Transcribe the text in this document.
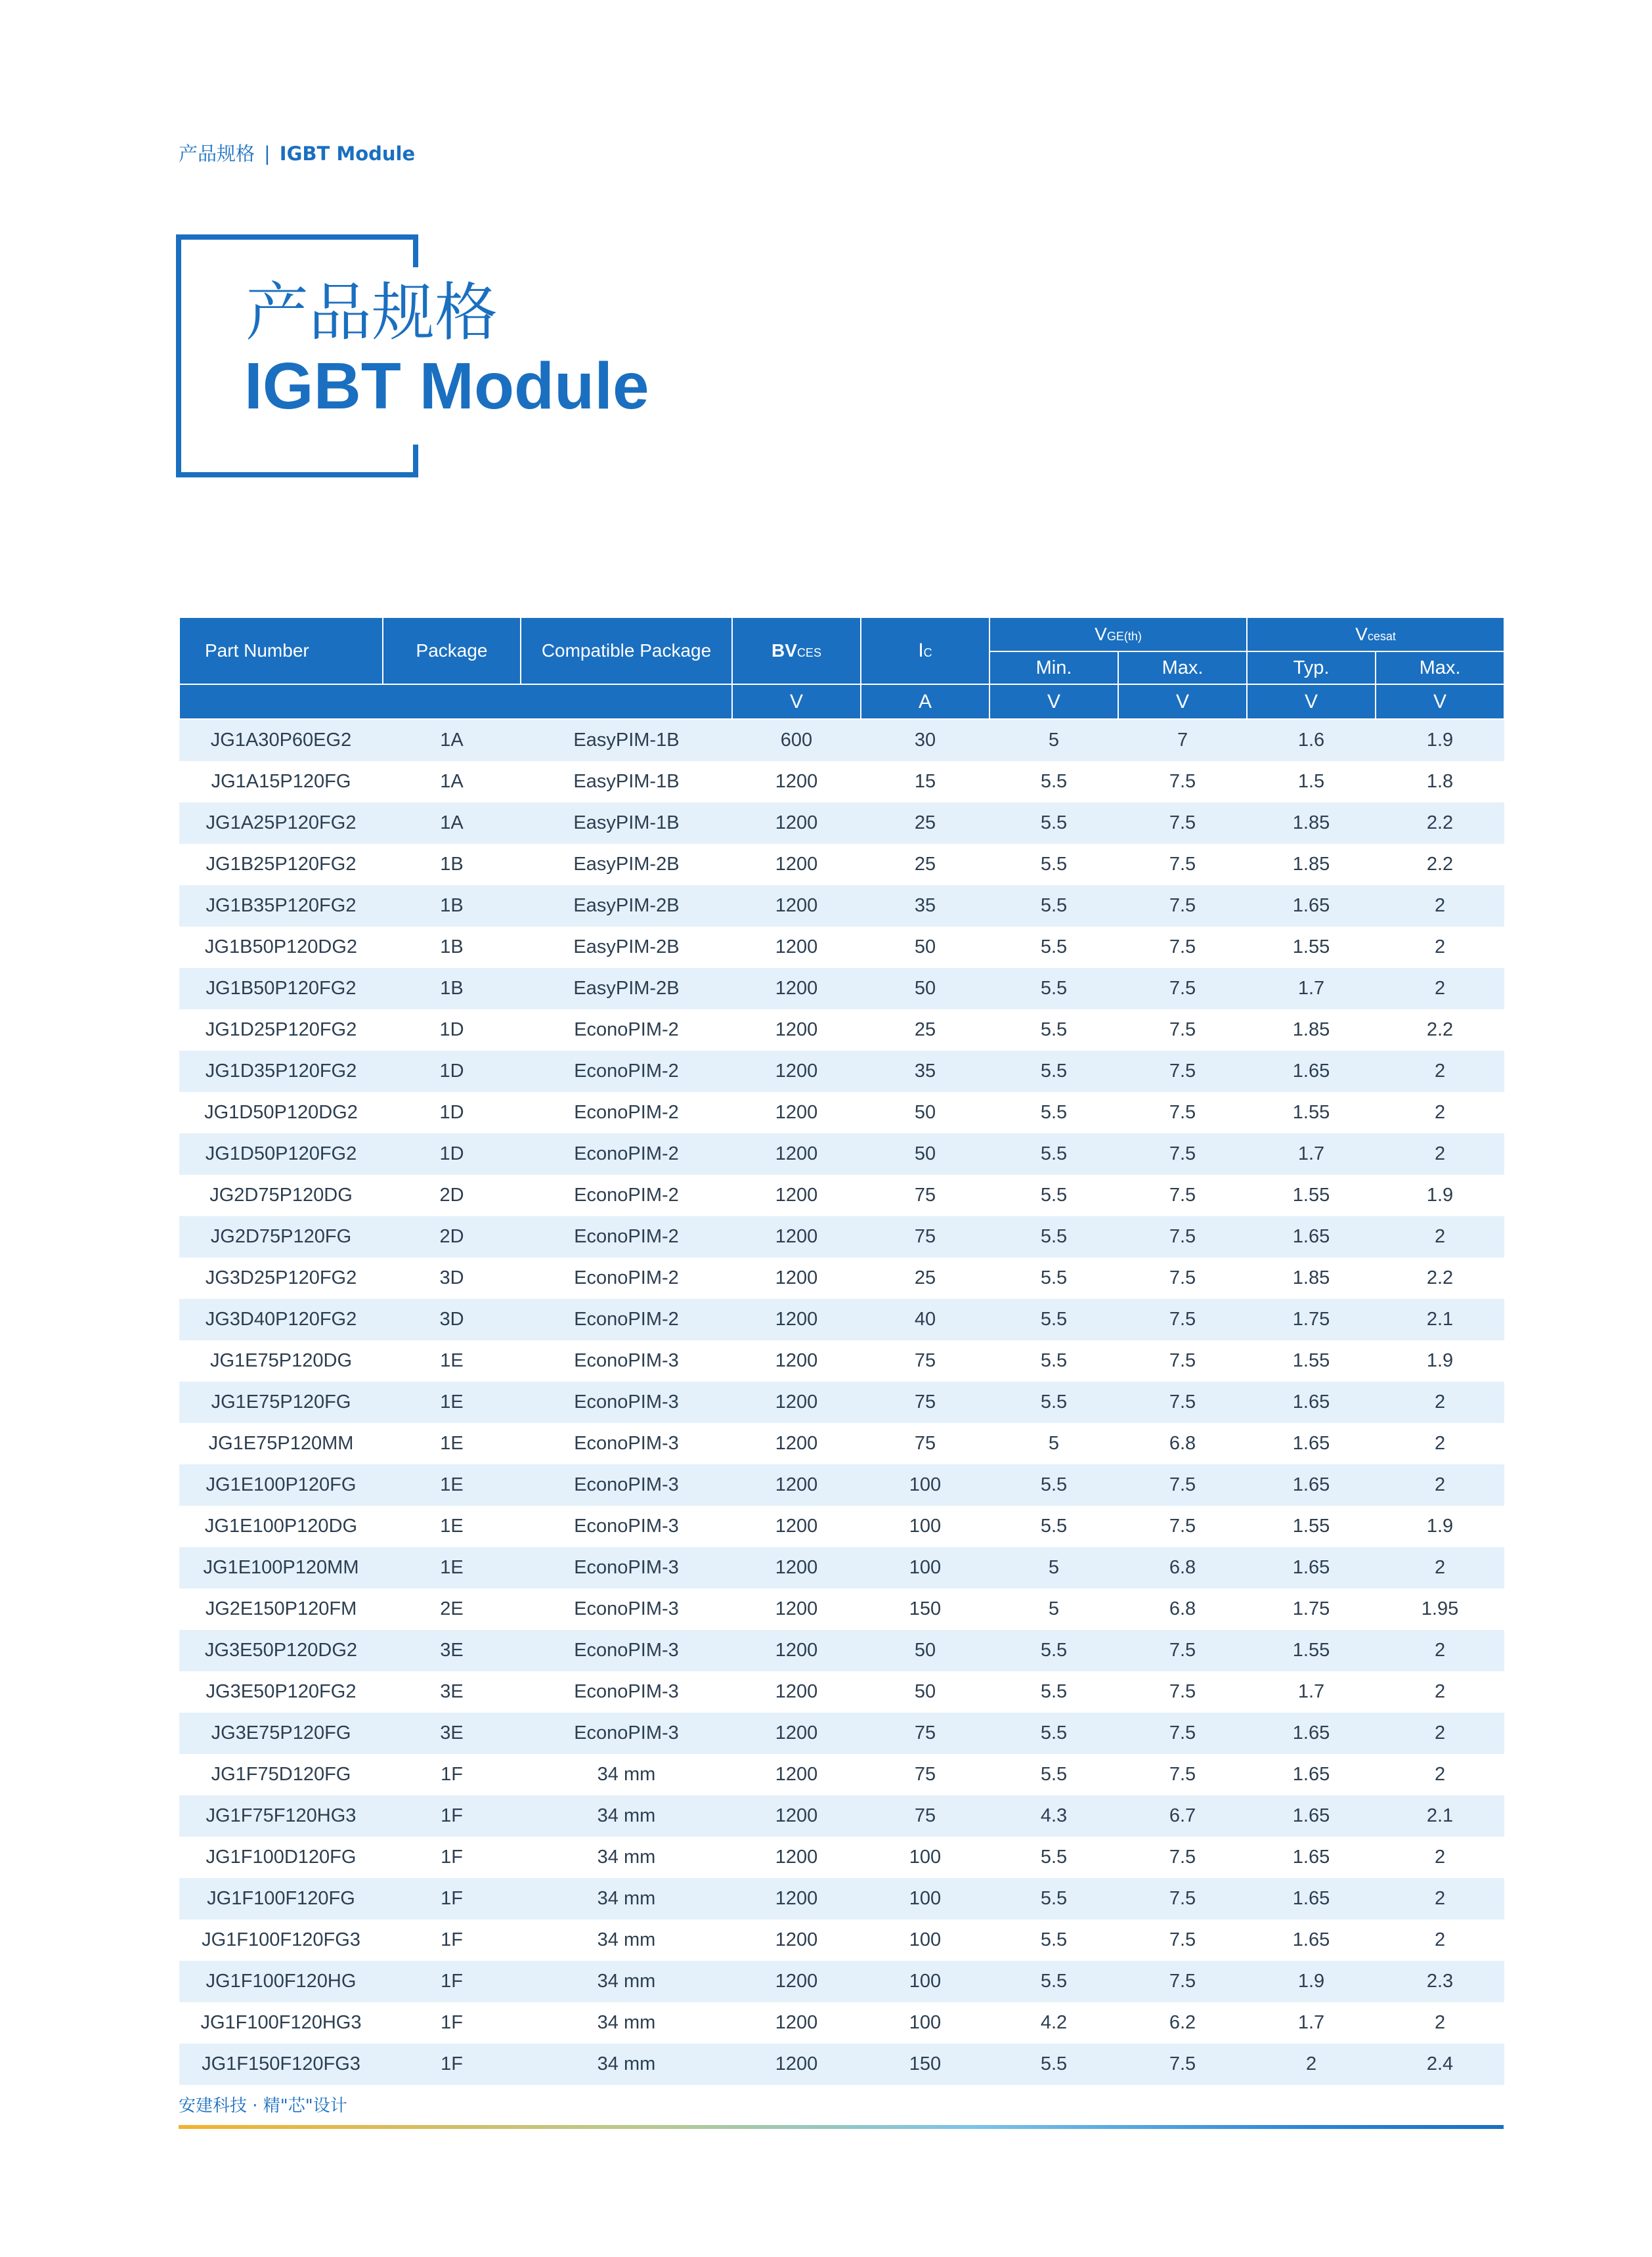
产品规格 | IGBT Module
产品规格
IGBT Module
Part Number	Package	Compatible Package	BVCES	IC	VGE(th)		Vcesat	
					Min.	Max.	Typ.	Max.
			V	A	V	V	V	V
JG1A30P60EG2	1A	EasyPIM-1B	600	30	5	7	1.6	1.9
JG1A15P120FG	1A	EasyPIM-1B	1200	15	5.5	7.5	1.5	1.8
JG1A25P120FG2	1A	EasyPIM-1B	1200	25	5.5	7.5	1.85	2.2
JG1B25P120FG2	1B	EasyPIM-2B	1200	25	5.5	7.5	1.85	2.2
JG1B35P120FG2	1B	EasyPIM-2B	1200	35	5.5	7.5	1.65	2
JG1B50P120DG2	1B	EasyPIM-2B	1200	50	5.5	7.5	1.55	2
JG1B50P120FG2	1B	EasyPIM-2B	1200	50	5.5	7.5	1.7	2
JG1D25P120FG2	1D	EconoPIM-2	1200	25	5.5	7.5	1.85	2.2
JG1D35P120FG2	1D	EconoPIM-2	1200	35	5.5	7.5	1.65	2
JG1D50P120DG2	1D	EconoPIM-2	1200	50	5.5	7.5	1.55	2
JG1D50P120FG2	1D	EconoPIM-2	1200	50	5.5	7.5	1.7	2
JG2D75P120DG	2D	EconoPIM-2	1200	75	5.5	7.5	1.55	1.9
JG2D75P120FG	2D	EconoPIM-2	1200	75	5.5	7.5	1.65	2
JG3D25P120FG2	3D	EconoPIM-2	1200	25	5.5	7.5	1.85	2.2
JG3D40P120FG2	3D	EconoPIM-2	1200	40	5.5	7.5	1.75	2.1
JG1E75P120DG	1E	EconoPIM-3	1200	75	5.5	7.5	1.55	1.9
JG1E75P120FG	1E	EconoPIM-3	1200	75	5.5	7.5	1.65	2
JG1E75P120MM	1E	EconoPIM-3	1200	75	5	6.8	1.65	2
JG1E100P120FG	1E	EconoPIM-3	1200	100	5.5	7.5	1.65	2
JG1E100P120DG	1E	EconoPIM-3	1200	100	5.5	7.5	1.55	1.9
JG1E100P120MM	1E	EconoPIM-3	1200	100	5	6.8	1.65	2
JG2E150P120FM	2E	EconoPIM-3	1200	150	5	6.8	1.75	1.95
JG3E50P120DG2	3E	EconoPIM-3	1200	50	5.5	7.5	1.55	2
JG3E50P120FG2	3E	EconoPIM-3	1200	50	5.5	7.5	1.7	2
JG3E75P120FG	3E	EconoPIM-3	1200	75	5.5	7.5	1.65	2
JG1F75D120FG	1F	34 mm	1200	75	5.5	7.5	1.65	2
JG1F75F120HG3	1F	34 mm	1200	75	4.3	6.7	1.65	2.1
JG1F100D120FG	1F	34 mm	1200	100	5.5	7.5	1.65	2
JG1F100F120FG	1F	34 mm	1200	100	5.5	7.5	1.65	2
JG1F100F120FG3	1F	34 mm	1200	100	5.5	7.5	1.65	2
JG1F100F120HG	1F	34 mm	1200	100	5.5	7.5	1.9	2.3
JG1F100F120HG3	1F	34 mm	1200	100	4.2	6.2	1.7	2
JG1F150F120FG3	1F	34 mm	1200	150	5.5	7.5	2	2.4
安建科技 · 精"芯"设计
